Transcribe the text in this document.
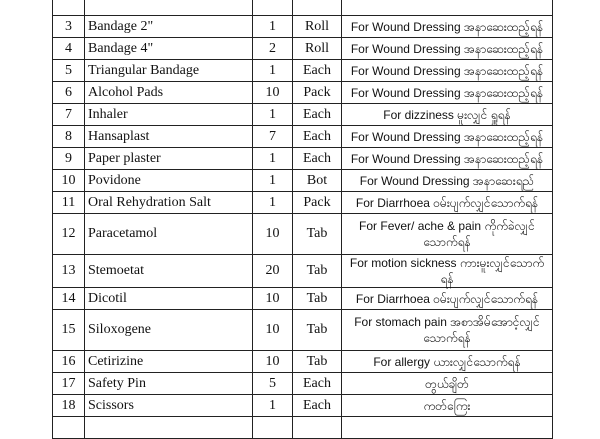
3	Bandage 2"	1	Roll	For Wound Dressing အနာဆေးထည့်ရန်
4	Bandage 4"	2	Roll	For Wound Dressing အနာဆေးထည့်ရန်
5	Triangular Bandage	1	Each	For Wound Dressing အနာဆေးထည့်ရန်
6	Alcohol Pads	10	Pack	For Wound Dressing အနာဆေးထည့်ရန်
7	Inhaler	1	Each	For dizziness မူးလျှင် ရှူရန်
8	Hansaplast	7	Each	For Wound Dressing အနာဆေးထည့်ရန်
9	Paper plaster	1	Each	For Wound Dressing အနာဆေးထည့်ရန်
10	Povidone	1	Bot	For Wound Dressing အနာဆေးရည်
11	Oral Rehydration Salt	1	Pack	For Diarrhoea ဝမ်းပျက်လျှင်သောက်ရန်
12	Paracetamol	10	Tab	For Fever/ ache & pain ကိုက်ခဲလျှင်သောက်ရန်
13	Stemoetat	20	Tab	For motion sickness ကားမူးလျှင်သောက်ရန်
14	Dicotil	10	Tab	For Diarrhoea ဝမ်းပျက်လျှင်သောက်ရန်
15	Siloxogene	10	Tab	For stomach pain အစာအိမ်အောင့်လျှင် သောက်ရန်
16	Cetirizine	10	Tab	For allergy ယားလျှင်သောက်ရန်
17	Safety Pin	5	Each	တွယ်ချိတ်
18	Scissors	1	Each	ကတ်ကြေး
